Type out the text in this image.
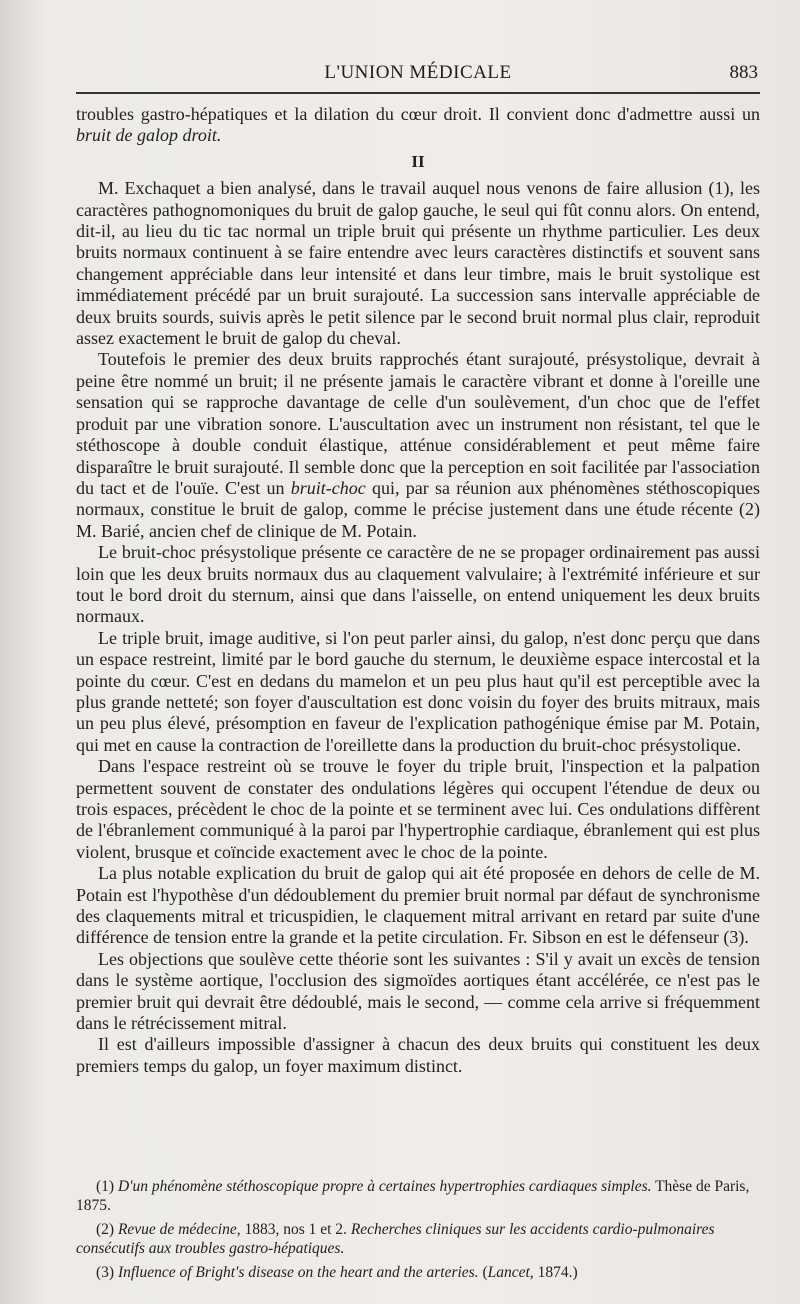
L'UNION MÉDICALE	883

troubles gastro-hépatiques et la dilation du cœur droit. Il convient donc d'admettre aussi un bruit de galop droit.

II

M. Exchaquet a bien analysé, dans le travail auquel nous venons de faire allusion (1), les caractères pathognomoniques du bruit de galop gauche, le seul qui fût connu alors. On entend, dit-il, au lieu du tic tac normal un triple bruit qui présente un rhythme particulier. Les deux bruits normaux continuent à se faire entendre avec leurs caractères distinctifs et souvent sans changement appréciable dans leur intensité et dans leur timbre, mais le bruit systolique est immédiatement précédé par un bruit surajouté. La succession sans intervalle appréciable de deux bruits sourds, suivis après le petit silence par le second bruit normal plus clair, reproduit assez exactement le bruit de galop du cheval.

Toutefois le premier des deux bruits rapprochés étant surajouté, présystolique, devrait à peine être nommé un bruit; il ne présente jamais le caractère vibrant et donne à l'oreille une sensation qui se rapproche davantage de celle d'un soulèvement, d'un choc que de l'effet produit par une vibration sonore. L'auscultation avec un instrument non résistant, tel que le stéthoscope à double conduit élastique, atténue considérablement et peut même faire disparaître le bruit surajouté. Il semble donc que la perception en soit facilitée par l'association du tact et de l'ouïe. C'est un bruit-choc qui, par sa réunion aux phénomènes stéthoscopiques normaux, constitue le bruit de galop, comme le précise justement dans une étude récente (2) M. Barié, ancien chef de clinique de M. Potain.

Le bruit-choc présystolique présente ce caractère de ne se propager ordinairement pas aussi loin que les deux bruits normaux dus au claquement valvulaire; à l'extrémité inférieure et sur tout le bord droit du sternum, ainsi que dans l'aisselle, on entend uniquement les deux bruits normaux.

Le triple bruit, image auditive, si l'on peut parler ainsi, du galop, n'est donc perçu que dans un espace restreint, limité par le bord gauche du sternum, le deuxième espace intercostal et la pointe du cœur. C'est en dedans du mamelon et un peu plus haut qu'il est perceptible avec la plus grande netteté; son foyer d'auscultation est donc voisin du foyer des bruits mitraux, mais un peu plus élevé, présomption en faveur de l'explication pathogénique émise par M. Potain, qui met en cause la contraction de l'oreillette dans la production du bruit-choc présystolique.

Dans l'espace restreint où se trouve le foyer du triple bruit, l'inspection et la palpation permettent souvent de constater des ondulations légères qui occupent l'étendue de deux ou trois espaces, précèdent le choc de la pointe et se terminent avec lui. Ces ondulations diffèrent de l'ébranlement communiqué à la paroi par l'hypertrophie cardiaque, ébranlement qui est plus violent, brusque et coïncide exactement avec le choc de la pointe.

La plus notable explication du bruit de galop qui ait été proposée en dehors de celle de M. Potain est l'hypothèse d'un dédoublement du premier bruit normal par défaut de synchronisme des claquements mitral et tricuspidien, le claquement mitral arrivant en retard par suite d'une différence de tension entre la grande et la petite circulation. Fr. Sibson en est le défenseur (3).

Les objections que soulève cette théorie sont les suivantes : S'il y avait un excès de tension dans le système aortique, l'occlusion des sigmoïdes aortiques étant accélérée, ce n'est pas le premier bruit qui devrait être dédoublé, mais le second, — comme cela arrive si fréquemment dans le rétrécissement mitral.

Il est d'ailleurs impossible d'assigner à chacun des deux bruits qui constituent les deux premiers temps du galop, un foyer maximum distinct.

(1) D'un phénomène stéthoscopique propre à certaines hypertrophies cardiaques simples. Thèse de Paris, 1875.

(2) Revue de médecine, 1883, nos 1 et 2. Recherches cliniques sur les accidents cardio-pulmonaires consécutifs aux troubles gastro-hépatiques.

(3) Influence of Bright's disease on the heart and the arteries. (Lancet, 1874.)
